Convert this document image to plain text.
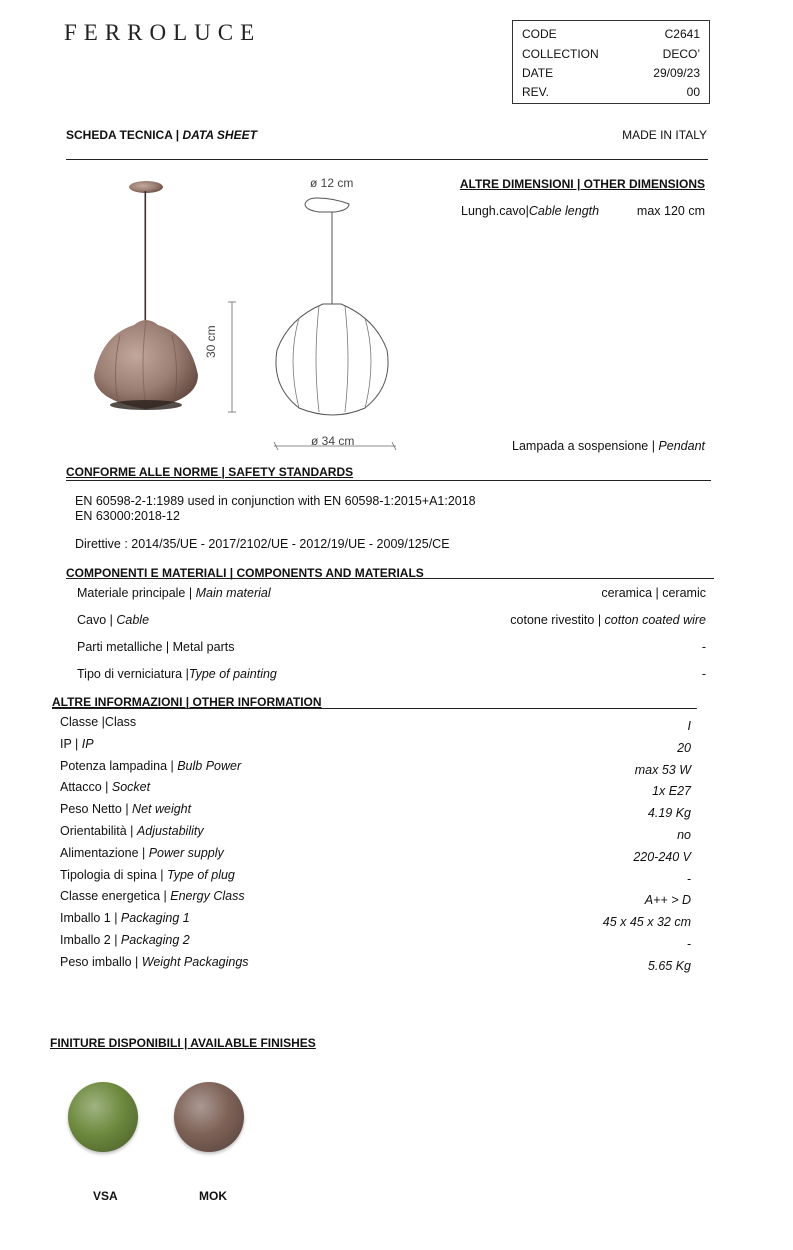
FERROLUCE	CODE	C2641
COLLECTION	DECO’
DATE	29/09/23
REV.	00
SCHEDA TECNICA | DATA SHEET	MADE IN ITALY
ø 12 cm
30 cm
ø 34 cm
ALTRE DIMENSIONI | OTHER DIMENSIONS
Lungh.cavo|Cable length	max 120 cm
Lampada a sospensione | Pendant
CONFORME ALLE NORME | SAFETY STANDARDS
EN 60598-2-1:1989 used in conjunction with EN 60598-1:2015+A1:2018
EN 63000:2018-12
Direttive : 2014/35/UE - 2017/2102/UE - 2012/19/UE - 2009/125/CE
COMPONENTI E MATERIALI | COMPONENTS AND MATERIALS
Materiale principale | Main material	ceramica | ceramic
Cavo | Cable	cotone rivestito | cotton coated wire
Parti metalliche | Metal parts	-
Tipo di verniciatura |Type of painting	-
ALTRE INFORMAZIONI | OTHER INFORMATION
Classe |Class	I
IP | IP	20
Potenza lampadina | Bulb Power	max 53 W
Attacco | Socket	1x E27
Peso Netto | Net weight	4.19 Kg
Orientabilità | Adjustability	no
Alimentazione | Power supply	220-240 V
Tipologia di spina | Type of plug	-
Classe energetica | Energy Class	A++ > D
Imballo 1 | Packaging 1	45 x 45 x 32 cm
Imballo 2 | Packaging 2	-
Peso imballo | Weight Packagings	5.65 Kg
FINITURE DISPONIBILI | AVAILABLE FINISHES
VSA	MOK
